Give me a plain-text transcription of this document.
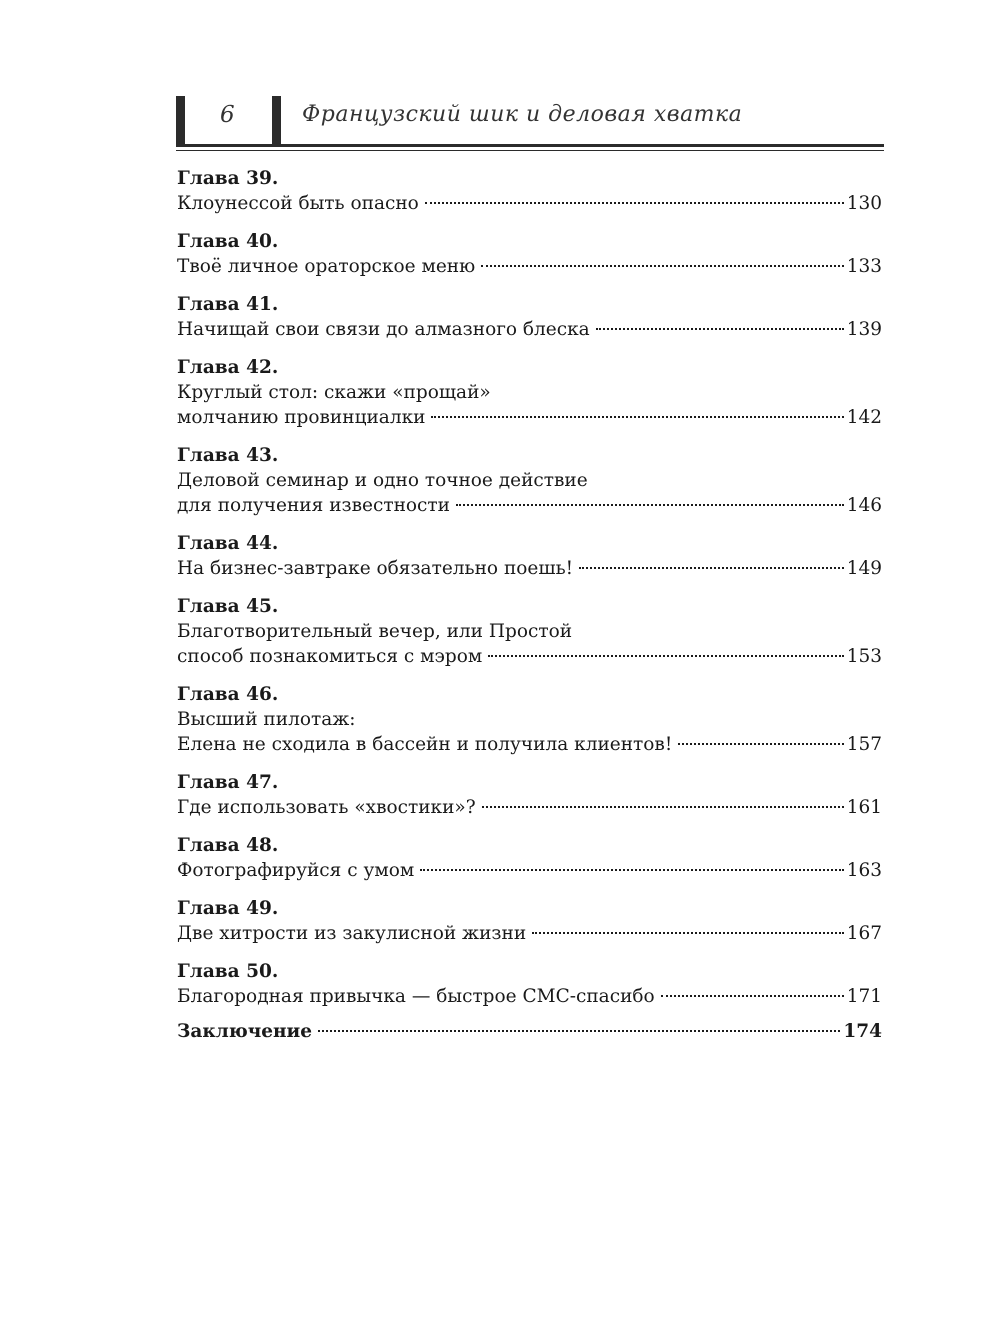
6	Французский шик и деловая хватка
Глава 39.
Клоунессой быть опасно	130
Глава 40.
Твоё личное ораторское меню	133
Глава 41.
Начищай свои связи до алмазного блеска	139
Глава 42.
Круглый стол: скажи «прощай»
молчанию провинциалки	142
Глава 43.
Деловой семинар и одно точное действие
для получения известности	146
Глава 44.
На бизнес-завтраке обязательно поешь!	149
Глава 45.
Благотворительный вечер, или Простой
способ познакомиться с мэром	153
Глава 46.
Высший пилотаж:
Елена не сходила в бассейн и получила клиентов!	157
Глава 47.
Где использовать «хвостики»?	161
Глава 48.
Фотографируйся с умом	163
Глава 49.
Две хитрости из закулисной жизни	167
Глава 50.
Благородная привычка — быстрое СМС-спасибо	171
Заключение	174
